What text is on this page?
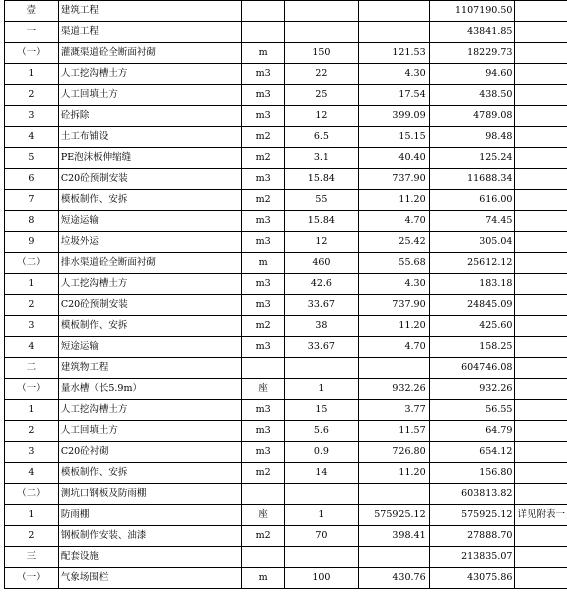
壹	建筑工程				1107190.50	
一	渠道工程				43841.85	
（一）	灌溉渠道砼全断面衬砌	m	150	121.53	18229.73	
1	人工挖沟槽土方	m3	22	4.30	94.60	
2	人工回填土方	m3	25	17.54	438.50	
3	砼拆除	m3	12	399.09	4789.08	
4	土工布铺设	m2	6.5	15.15	98.48	
5	PE泡沫板伸缩缝	m2	3.1	40.40	125.24	
6	C20砼预制安装	m3	15.84	737.90	11688.34	
7	模板制作、安拆	m2	55	11.20	616.00	
8	短途运输	m3	15.84	4.70	74.45	
9	垃圾外运	m3	12	25.42	305.04	
（二）	排水渠道砼全断面衬砌	m	460	55.68	25612.12	
1	人工挖沟槽土方	m3	42.6	4.30	183.18	
2	C20砼预制安装	m3	33.67	737.90	24845.09	
3	模板制作、安拆	m2	38	11.20	425.60	
4	短途运输	m3	33.67	4.70	158.25	
二	建筑物工程				604746.08	
（一）	量水槽（长5.9m）	座	1	932.26	932.26	
1	人工挖沟槽土方	m3	15	3.77	56.55	
2	人工回填土方	m3	5.6	11.57	64.79	
3	C20砼衬砌	m3	0.9	726.80	654.12	
4	模板制作、安拆	m2	14	11.20	156.80	
（二）	测坑口钢板及防雨棚				603813.82	
1	防雨棚	座	1	575925.12	575925.12	详见附表一
2	钢板制作安装、油漆	m2	70	398.41	27888.70	
三	配套设施				213835.07	
（一）	气象场围栏	m	100	430.76	43075.86	
